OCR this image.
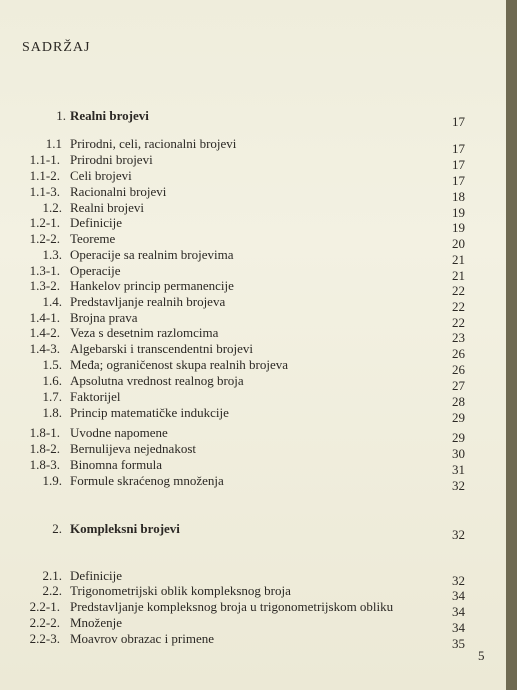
SADRŽAJ
1. Realni brojevi	17
1.1 Prirodni, celi, racionalni brojevi	17
1.1-1. Prirodni brojevi	17
1.1-2. Celi brojevi	17
1.1-3. Racionalni brojevi	18
1.2. Realni brojevi	19
1.2-1. Definicije	19
1.2-2. Teoreme	20
1.3. Operacije sa realnim brojevima	21
1.3-1. Operacije	21
1.3-2. Hankelov princip permanencije	22
1.4. Predstavljanje realnih brojeva	22
1.4-1. Brojna prava	22
1.4-2. Veza s desetnim razlomcima	23
1.4-3. Algebarski i transcendentni brojevi	26
1.5. Međa; ograničenost skupa realnih brojeva	26
1.6. Apsolutna vrednost realnog broja	27
1.7. Faktorijel	28
1.8. Princip matematičke indukcije	29
1.8-1. Uvodne napomene	29
1.8-2. Bernulijeva nejednakost	30
1.8-3. Binomna formula	31
1.9. Formule skraćenog množenja	32
2. Kompleksni brojevi	32
2.1. Definicije	32
2.2. Trigonometrijski oblik kompleksnog broja	34
2.2-1. Predstavljanje kompleksnog broja u trigonometrijskom obliku	34
2.2-2. Množenje	34
2.2-3. Moavrov obrazac i primene	35
5
